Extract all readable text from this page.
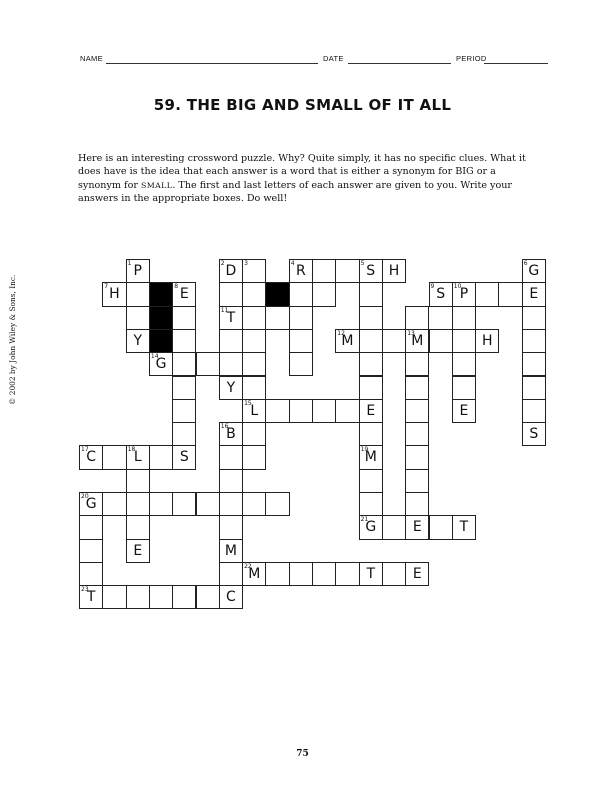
NAME	DATE	PERIOD
59. THE BIG AND SMALL OF IT ALL
Here is an interesting crossword puzzle. Why? Quite simply, it has no specific clues. What it does have is the idea that each answer is a word that is either a synonym for BIG or a synonym for SMALL. The first and last letters of each answer are given to you. Write your answers in the appropriate boxes. Do well!
© 2002 by John Wiley & Sons, Inc.
1 P	2 D	3	4 R	5 S H	6 G
7 H	8 E	9 S	10
P	E
11
T
Y	12
M	13
M	H
14
G
Y
15
L	E	E
16
B	S
17
C	18
L	S	19
M
20
G
21
G	E	T
E	M
22
M	T	E
23
T	C
75
